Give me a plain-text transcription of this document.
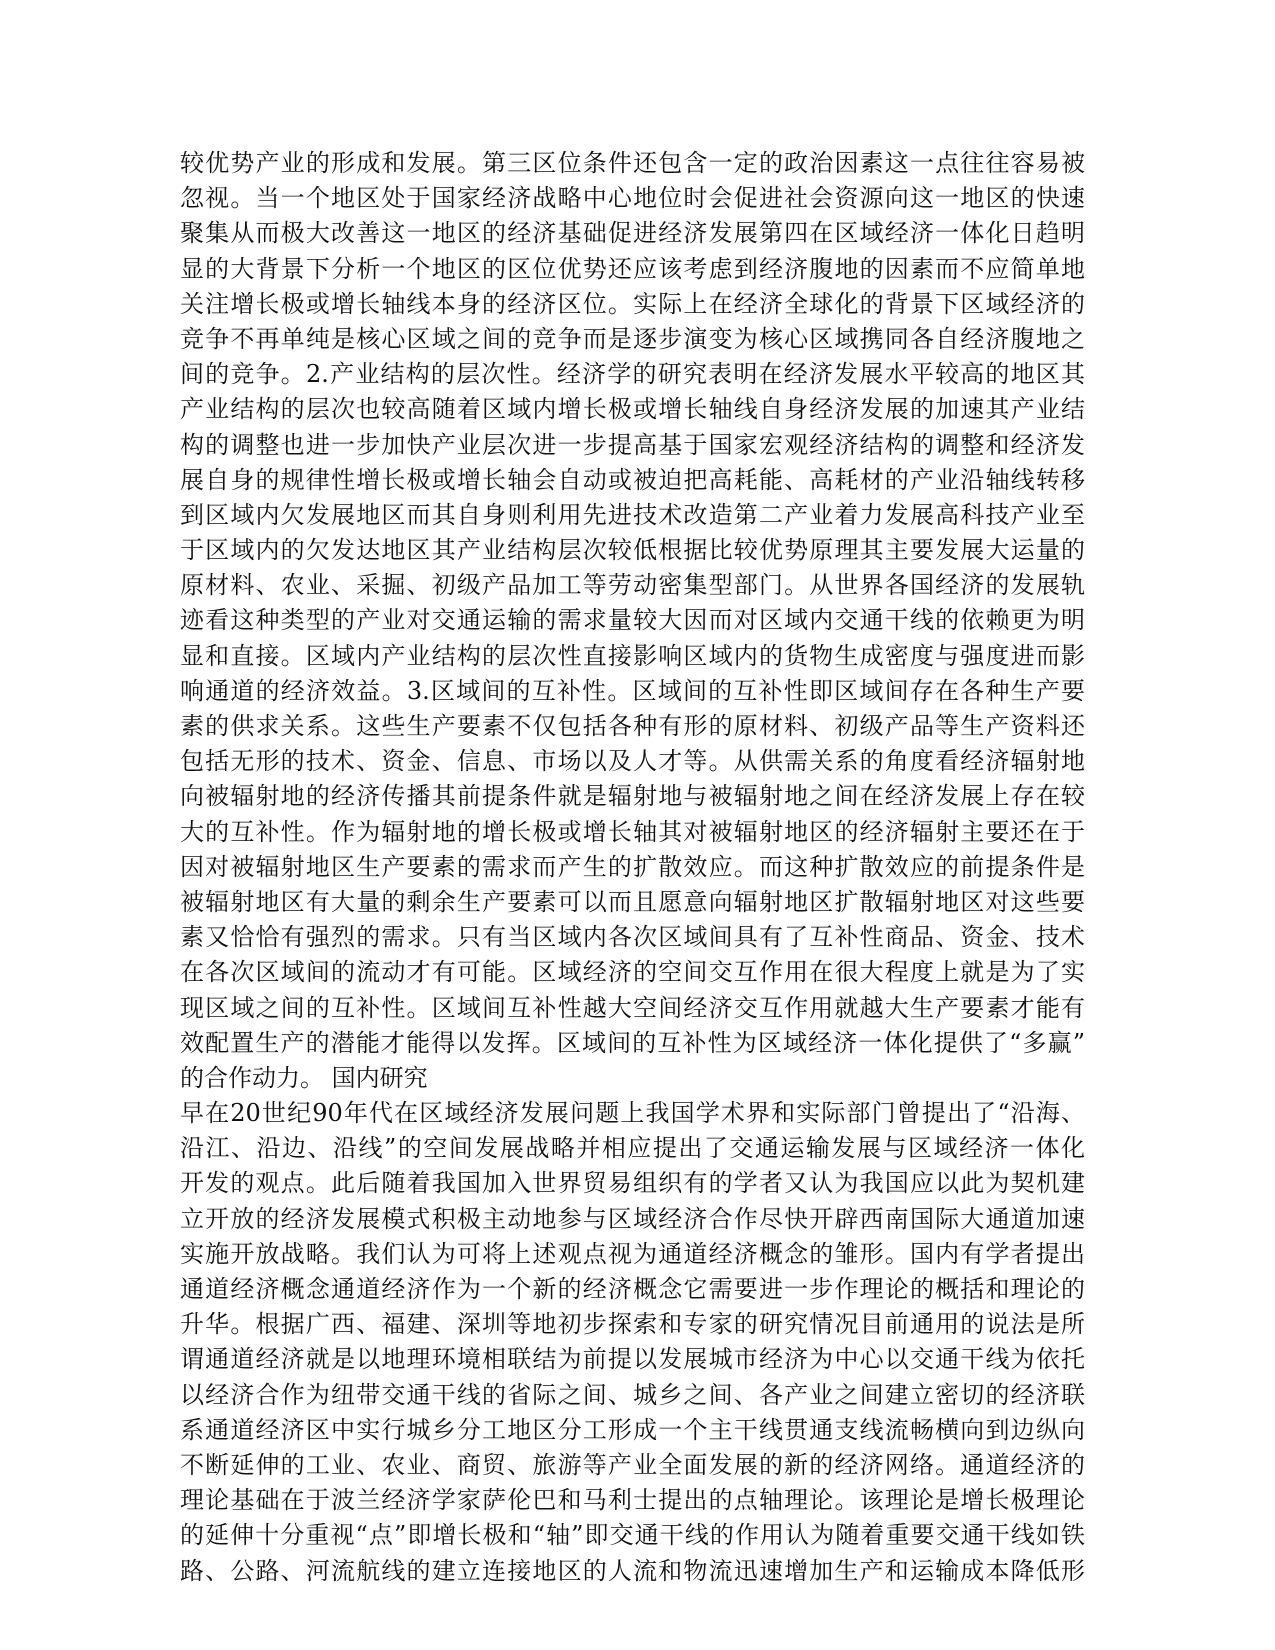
较优势产业的形成和发展。第三区位条件还包含一定的政治因素这一点往往容易被
忽视。当一个地区处于国家经济战略中心地位时会促进社会资源向这一地区的快速
聚集从而极大改善这一地区的经济基础促进经济发展第四在区域经济一体化日趋明
显的大背景下分析一个地区的区位优势还应该考虑到经济腹地的因素而不应简单地
关注增长极或增长轴线本身的经济区位。实际上在经济全球化的背景下区域经济的
竞争不再单纯是核心区域之间的竞争而是逐步演变为核心区域携同各自经济腹地之
间的竞争。2.产业结构的层次性。经济学的研究表明在经济发展水平较高的地区其
产业结构的层次也较高随着区域内增长极或增长轴线自身经济发展的加速其产业结
构的调整也进一步加快产业层次进一步提高基于国家宏观经济结构的调整和经济发
展自身的规律性增长极或增长轴会自动或被迫把高耗能、高耗材的产业沿轴线转移
到区域内欠发展地区而其自身则利用先进技术改造第二产业着力发展高科技产业至
于区域内的欠发达地区其产业结构层次较低根据比较优势原理其主要发展大运量的
原材料、农业、采掘、初级产品加工等劳动密集型部门。从世界各国经济的发展轨
迹看这种类型的产业对交通运输的需求量较大因而对区域内交通干线的依赖更为明
显和直接。区域内产业结构的层次性直接影响区域内的货物生成密度与强度进而影
响通道的经济效益。3.区域间的互补性。区域间的互补性即区域间存在各种生产要
素的供求关系。这些生产要素不仅包括各种有形的原材料、初级产品等生产资料还
包括无形的技术、资金、信息、市场以及人才等。从供需关系的角度看经济辐射地
向被辐射地的经济传播其前提条件就是辐射地与被辐射地之间在经济发展上存在较
大的互补性。作为辐射地的增长极或增长轴其对被辐射地区的经济辐射主要还在于
因对被辐射地区生产要素的需求而产生的扩散效应。而这种扩散效应的前提条件是
被辐射地区有大量的剩余生产要素可以而且愿意向辐射地区扩散辐射地区对这些要
素又恰恰有强烈的需求。只有当区域内各次区域间具有了互补性商品、资金、技术
在各次区域间的流动才有可能。区域经济的空间交互作用在很大程度上就是为了实
现区域之间的互补性。区域间互补性越大空间经济交互作用就越大生产要素才能有
效配置生产的潜能才能得以发挥。区域间的互补性为区域经济一体化提供了“多赢”
的合作动力。 国内研究
早在20世纪90年代在区域经济发展问题上我国学术界和实际部门曾提出了“沿海、
沿江、沿边、沿线”的空间发展战略并相应提出了交通运输发展与区域经济一体化
开发的观点。此后随着我国加入世界贸易组织有的学者又认为我国应以此为契机建
立开放的经济发展模式积极主动地参与区域经济合作尽快开辟西南国际大通道加速
实施开放战略。我们认为可将上述观点视为通道经济概念的雏形。国内有学者提出
通道经济概念通道经济作为一个新的经济概念它需要进一步作理论的概括和理论的
升华。根据广西、福建、深圳等地初步探索和专家的研究情况目前通用的说法是所
谓通道经济就是以地理环境相联结为前提以发展城市经济为中心以交通干线为依托
以经济合作为纽带交通干线的省际之间、城乡之间、各产业之间建立密切的经济联
系通道经济区中实行城乡分工地区分工形成一个主干线贯通支线流畅横向到边纵向
不断延伸的工业、农业、商贸、旅游等产业全面发展的新的经济网络。通道经济的
理论基础在于波兰经济学家萨伦巴和马利士提出的点轴理论。该理论是增长极理论
的延伸十分重视“点”即增长极和“轴”即交通干线的作用认为随着重要交通干线如铁
路、公路、河流航线的建立连接地区的人流和物流迅速增加生产和运输成本降低形
